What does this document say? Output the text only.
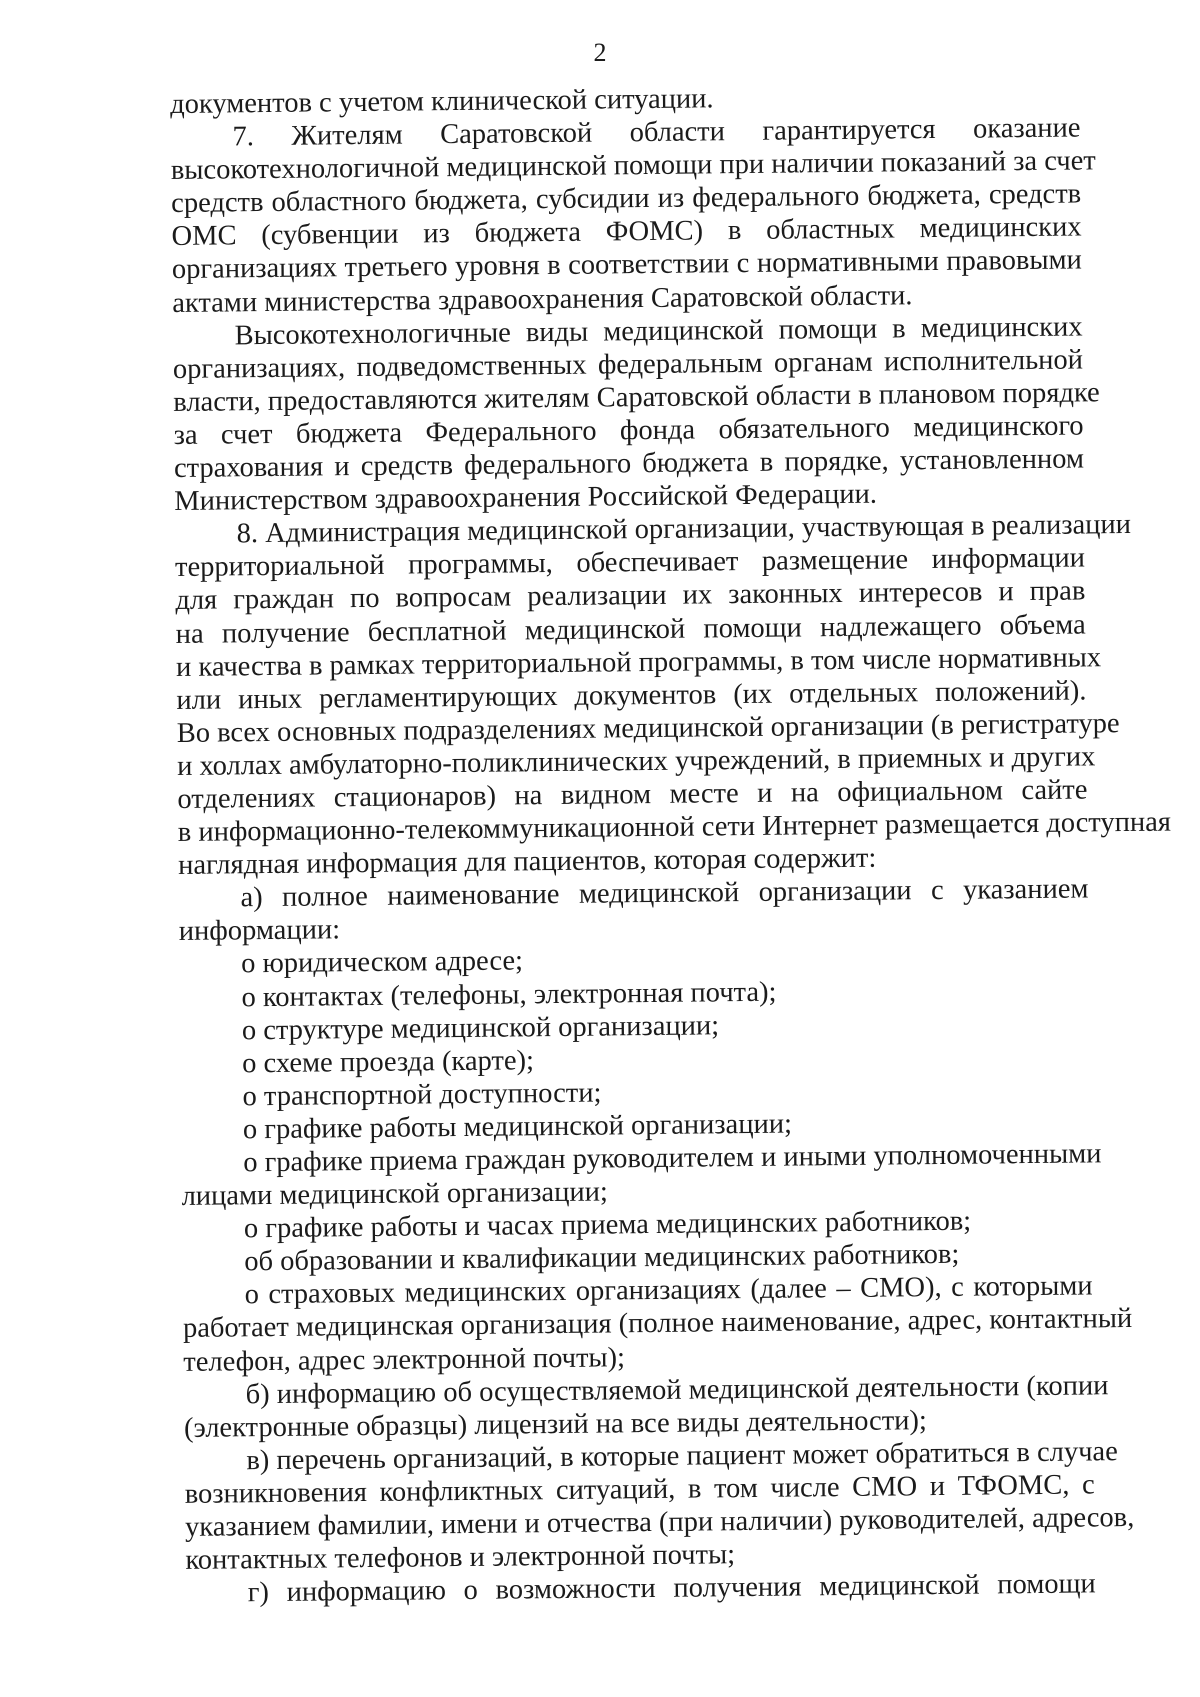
2
документов с учетом клинической ситуации.
7. Жителям Саратовской области гарантируется оказание
высокотехнологичной медицинской помощи при наличии показаний за счет
средств областного бюджета, субсидии из федерального бюджета, средств
ОМС (субвенции из бюджета ФОМС) в областных медицинских
организациях третьего уровня в соответствии с нормативными правовыми
актами министерства здравоохранения Саратовской области.
Высокотехнологичные виды медицинской помощи в медицинских
организациях, подведомственных федеральным органам исполнительной
власти, предоставляются жителям Саратовской области в плановом порядке
за счет бюджета Федерального фонда обязательного медицинского
страхования и средств федерального бюджета в порядке, установленном
Министерством здравоохранения Российской Федерации.
8. Администрация медицинской организации, участвующая в реализации
территориальной программы, обеспечивает размещение информации
для граждан по вопросам реализации их законных интересов и прав
на получение бесплатной медицинской помощи надлежащего объема
и качества в рамках территориальной программы, в том числе нормативных
или иных регламентирующих документов (их отдельных положений).
Во всех основных подразделениях медицинской организации (в регистратуре
и холлах амбулаторно-поликлинических учреждений, в приемных и других
отделениях стационаров) на видном месте и на официальном сайте
в информационно-телекоммуникационной сети Интернет размещается доступная
наглядная информация для пациентов, которая содержит:
а) полное наименование медицинской организации с указанием
информации:
о юридическом адресе;
о контактах (телефоны, электронная почта);
о структуре медицинской организации;
о схеме проезда (карте);
о транспортной доступности;
о графике работы медицинской организации;
о графике приема граждан руководителем и иными уполномоченными
лицами медицинской организации;
о графике работы и часах приема медицинских работников;
об образовании и квалификации медицинских работников;
о страховых медицинских организациях (далее – СМО), с которыми
работает медицинская организация (полное наименование, адрес, контактный
телефон, адрес электронной почты);
б) информацию об осуществляемой медицинской деятельности (копии
(электронные образцы) лицензий на все виды деятельности);
в) перечень организаций, в которые пациент может обратиться в случае
возникновения конфликтных ситуаций, в том числе СМО и ТФОМС, с
указанием фамилии, имени и отчества (при наличии) руководителей, адресов,
контактных телефонов и электронной почты;
г) информацию о возможности получения медицинской помощи
